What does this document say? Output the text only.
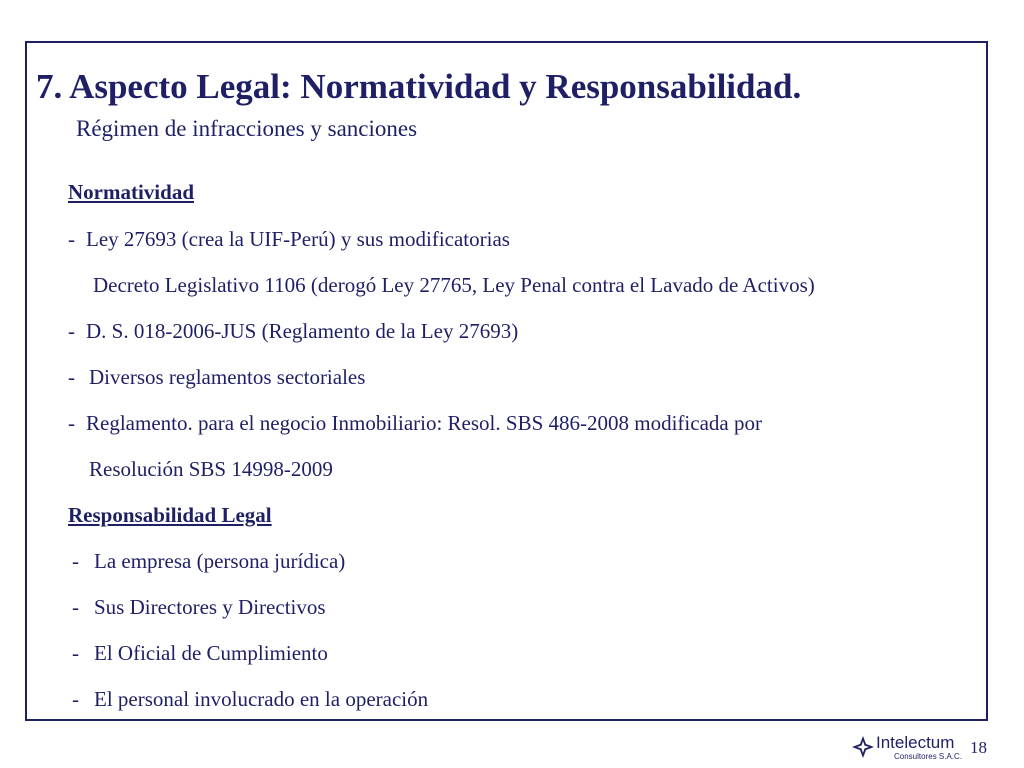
7. Aspecto Legal: Normatividad y Responsabilidad.
Régimen de infracciones y sanciones
Normatividad
- Ley 27693 (crea la UIF-Perú) y sus modificatorias
Decreto Legislativo 1106 (derogó Ley 27765, Ley Penal contra el Lavado de Activos)
- D. S. 018-2006-JUS (Reglamento de la Ley 27693)
- Diversos reglamentos sectoriales
- Reglamento. para el negocio Inmobiliario: Resol. SBS 486-2008 modificada por
Resolución SBS 14998-2009
Responsabilidad Legal
- La empresa (persona jurídica)
- Sus Directores y Directivos
- El Oficial de Cumplimiento
- El personal involucrado en la operación
Intelectum
Consultores S.A.C. 18
